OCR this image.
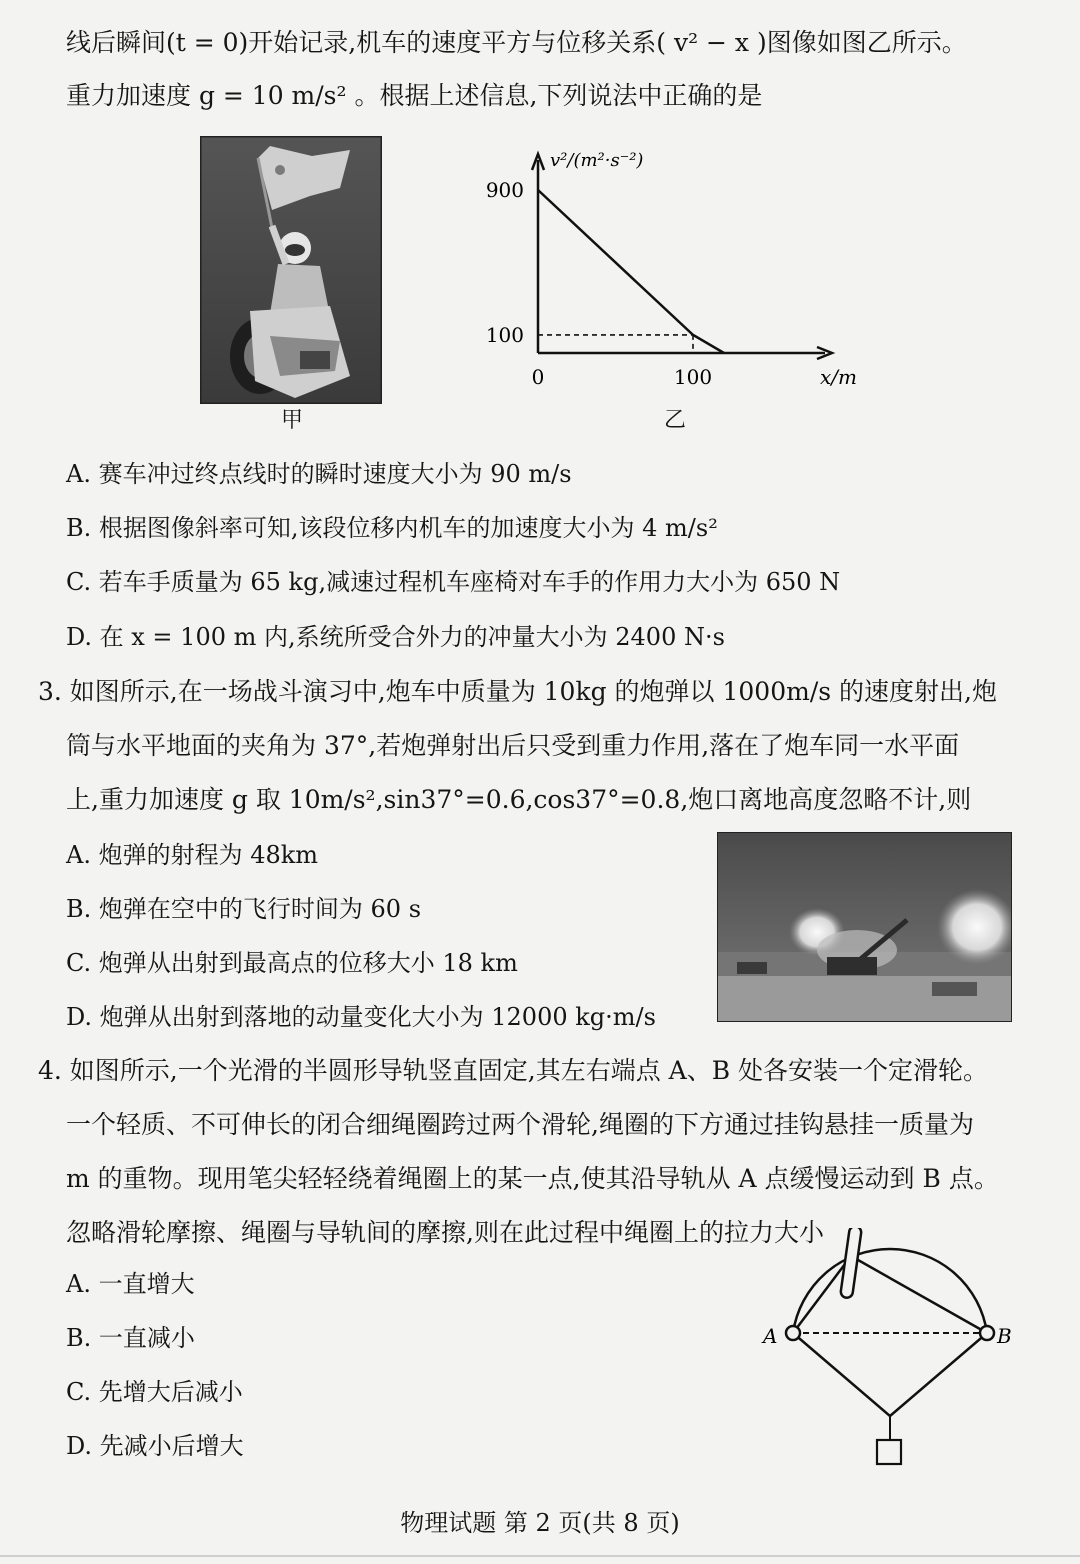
线后瞬间(t = 0)开始记录,机车的速度平方与位移关系( v² − x )图像如图乙所示。
重力加速度 g = 10 m/s² 。根据上述信息,下列说法中正确的是
甲
900
100
0	100
v²/(m²·s⁻²)
x/m
乙
A. 赛车冲过终点线时的瞬时速度大小为 90 m/s
B. 根据图像斜率可知,该段位移内机车的加速度大小为 4 m/s²
C. 若车手质量为 65 kg,减速过程机车座椅对车手的作用力大小为 650 N
D. 在 x = 100 m 内,系统所受合外力的冲量大小为 2400 N·s
3. 如图所示,在一场战斗演习中,炮车中质量为 10kg 的炮弹以 1000m/s 的速度射出,炮
筒与水平地面的夹角为 37°,若炮弹射出后只受到重力作用,落在了炮车同一水平面
上,重力加速度 g 取 10m/s²,sin37°=0.6,cos37°=0.8,炮口离地高度忽略不计,则
A. 炮弹的射程为 48km
B. 炮弹在空中的飞行时间为 60 s
C. 炮弹从出射到最高点的位移大小 18 km
D. 炮弹从出射到落地的动量变化大小为 12000 kg·m/s
4. 如图所示,一个光滑的半圆形导轨竖直固定,其左右端点 A、B 处各安装一个定滑轮。
一个轻质、不可伸长的闭合细绳圈跨过两个滑轮,绳圈的下方通过挂钩悬挂一质量为
m 的重物。现用笔尖轻轻绕着绳圈上的某一点,使其沿导轨从 A 点缓慢运动到 B 点。
忽略滑轮摩擦、绳圈与导轨间的摩擦,则在此过程中绳圈上的拉力大小
A. 一直增大
B. 一直减小
C. 先增大后减小
D. 先减小后增大
A	B
物理试题 第 2 页(共 8 页)
